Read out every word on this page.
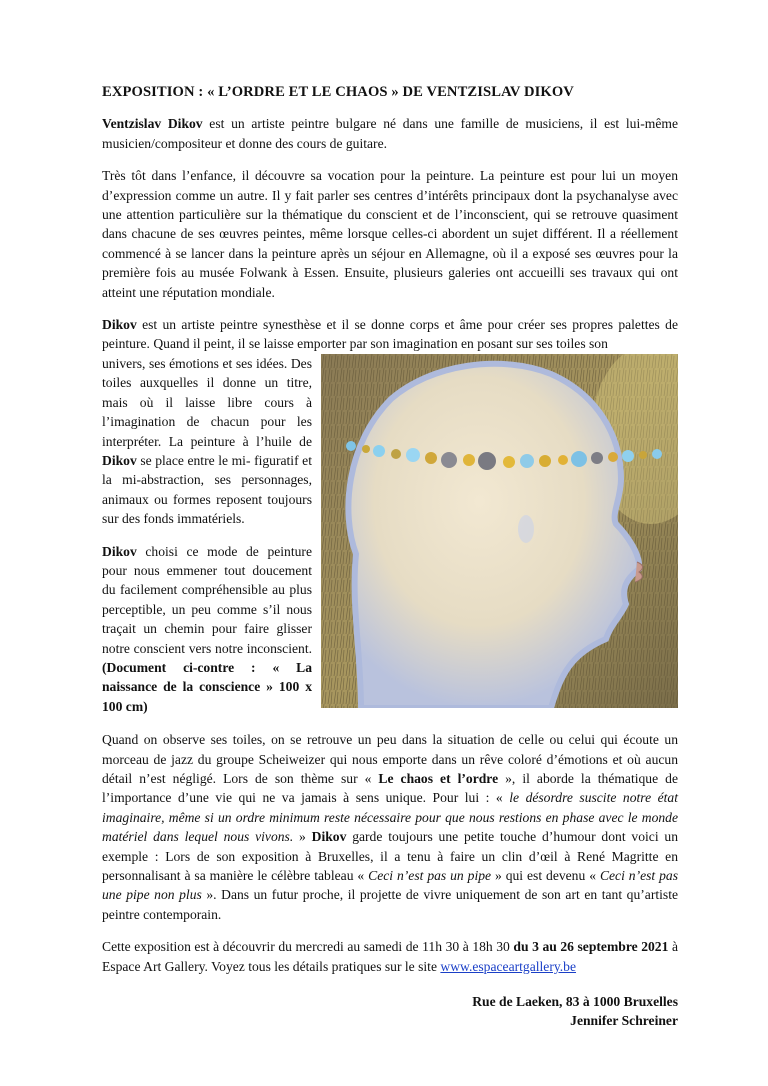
EXPOSITION : « L’ORDRE ET LE CHAOS » DE VENTZISLAV DIKOV

Ventzislav Dikov est un artiste peintre bulgare né dans une famille de musiciens, il est lui-même musicien/compositeur et donne des cours de guitare.

Très tôt dans l’enfance, il découvre sa vocation pour la peinture. La peinture est pour lui un moyen d’expression comme un autre. Il y fait parler ses centres d’intérêts principaux dont la psychanalyse avec une attention particulière sur la thématique du conscient et de l’inconscient, qui se retrouve quasiment dans chacune de ses œuvres peintes, même lorsque celles-ci abordent un sujet différent. Il a réellement commencé à se lancer dans la peinture après un séjour en Allemagne, où il a exposé ses œuvres pour la première fois au musée Folwank à Essen. Ensuite, plusieurs galeries ont accueilli ses travaux qui ont atteint une réputation mondiale.

Dikov est un artiste peintre synesthèse et il se donne corps et âme pour créer ses propres palettes de peinture. Quand il peint, il se laisse emporter par son imagination en posant sur ses toiles son

univers, ses émotions et ses idées. Des toiles auxquelles il donne un titre, mais où il laisse libre cours à l’imagination de chacun pour les interpréter. La peinture à l’huile de Dikov se place entre le mi- figuratif et la mi-abstraction, ses personnages, animaux ou formes reposent toujours sur des fonds immatériels.

Dikov choisi ce mode de peinture pour nous emmener tout doucement du facilement compréhensible au plus perceptible, un peu comme s’il nous traçait un chemin pour faire glisser notre conscient vers notre inconscient. (Document ci-contre : « La naissance de la conscience » 100 x 100 cm)

Quand on observe ses toiles, on se retrouve un peu dans la situation de celle ou celui qui écoute un morceau de jazz du groupe Scheiweizer qui nous emporte dans un rêve coloré d’émotions et où aucun détail n’est négligé. Lors de son thème sur « Le chaos et l’ordre », il aborde la thématique de l’importance d’une vie qui ne va jamais à sens unique. Pour lui : « le désordre suscite notre état imaginaire, même si un ordre minimum reste nécessaire pour que nous restions en phase avec le monde matériel dans lequel nous vivons. » Dikov garde toujours une petite touche d’humour dont voici un exemple : Lors de son exposition à Bruxelles, il a tenu à faire un clin d’œil à René Magritte en personnalisant à sa manière le célèbre tableau « Ceci n’est pas un pipe » qui est devenu « Ceci n’est pas une pipe non plus ». Dans un futur proche, il projette de vivre uniquement de son art en tant qu’artiste peintre contemporain.

Cette exposition est à découvrir du mercredi au samedi de 11h 30 à 18h 30 du 3 au 26 septembre 2021 à Espace Art Gallery. Voyez tous les détails pratiques sur le site www.espaceartgallery.be

Rue de Laeken, 83 à 1000 Bruxelles
Jennifer Schreiner
